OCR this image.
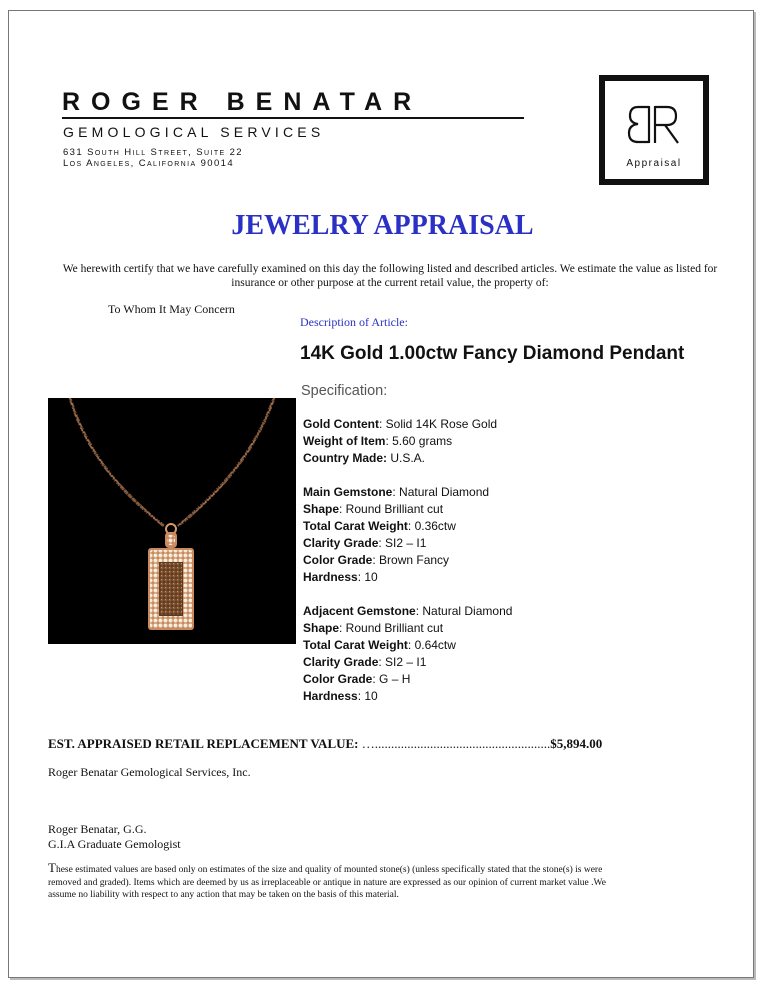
ROGER BENATAR
GEMOLOGICAL SERVICES
631 South Hill Street, Suite 22
Los Angeles, California 90014	Appraisal
JEWELRY APPRAISAL
We herewith certify that we have carefully examined on this day the following listed and described articles. We estimate the value as listed for insurance or other purpose at the current retail value, the property of:
To Whom It May Concern
Description of Article:
14K Gold 1.00ctw Fancy Diamond Pendant
Specification:
Gold Content: Solid 14K Rose Gold
Weight of Item: 5.60 grams
Country Made: U.S.A.
Main Gemstone: Natural Diamond
Shape: Round Brilliant cut
Total Carat Weight: 0.36ctw
Clarity Grade: SI2 – I1
Color Grade: Brown Fancy
Hardness: 10
Adjacent Gemstone: Natural Diamond
Shape: Round Brilliant cut
Total Carat Weight: 0.64ctw
Clarity Grade: SI2 – I1
Color Grade: G – H
Hardness: 10
EST. APPRAISED RETAIL REPLACEMENT VALUE: …......................................................$5,894.00
Roger Benatar Gemological Services, Inc.
Roger Benatar, G.G.
G.I.A Graduate Gemologist
These estimated values are based only on estimates of the size and quality of mounted stone(s) (unless specifically stated that the stone(s) is were removed and graded). Items which are deemed by us as irreplaceable or antique in nature are expressed as our opinion of current market value .We assume no liability with respect to any action that may be taken on the basis of this material.
